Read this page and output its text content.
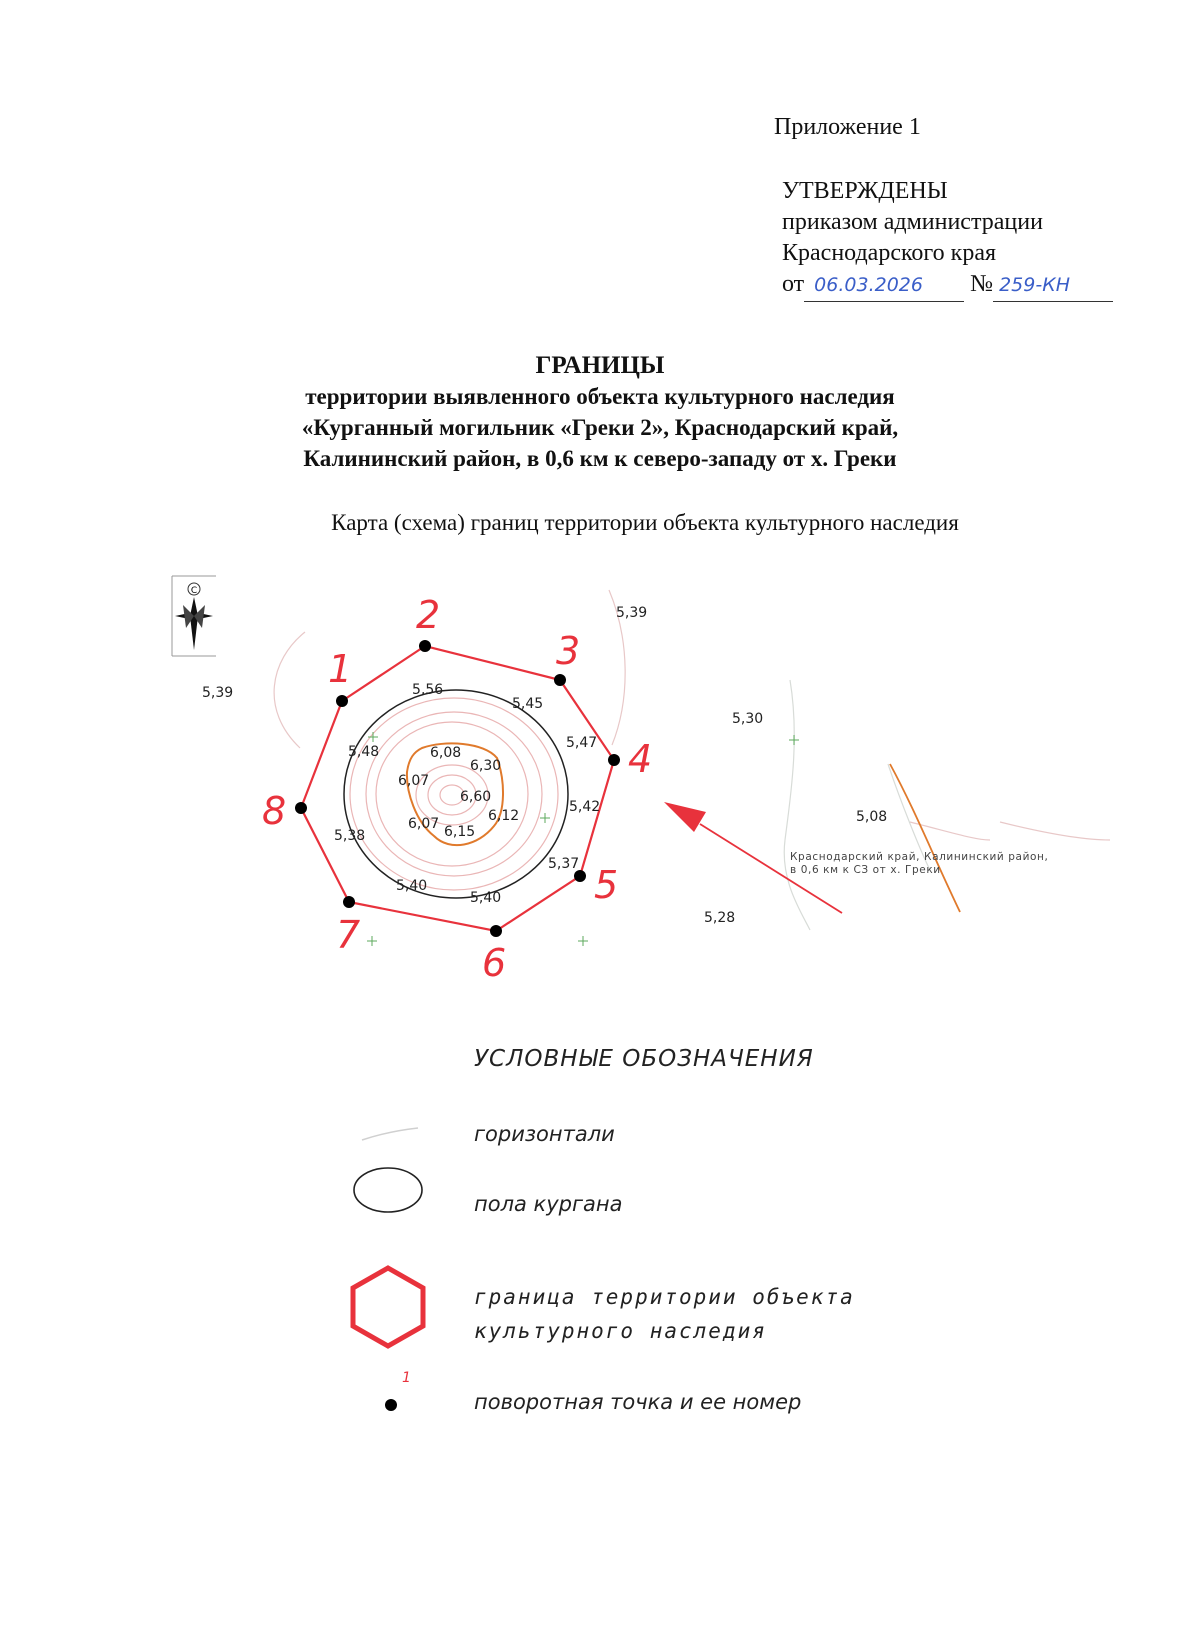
Приложение 1
УТВЕРЖДЕНЫ
приказом администрации
Краснодарского края
от 06.03.2026 № 259-КН
ГРАНИЦЫ
территории выявленного объекта культурного наследия
«Курганный могильник «Греки 2», Краснодарский край,
Калининский район, в 0,6 км к северо-западу от х. Греки
Карта (схема) границ территории объекта культурного наследия
С
1
2
3
4
5
6
7
8
5,39
5,39
5,56
5,45
5,48
5,47
6,08
6,30
6,07
6,60
5,42
6,12
6,07 6,15
5,38
5,37
5,40
5,40
5,30
5,08
5,28
Краснодарский край, Калининский район,
в 0,6 км к СЗ от х. Греки
1
УСЛОВНЫЕ ОБОЗНАЧЕНИЯ
горизонтали
пола кургана
граница территории объекта
культурного наследия
поворотная точка и ее номер
